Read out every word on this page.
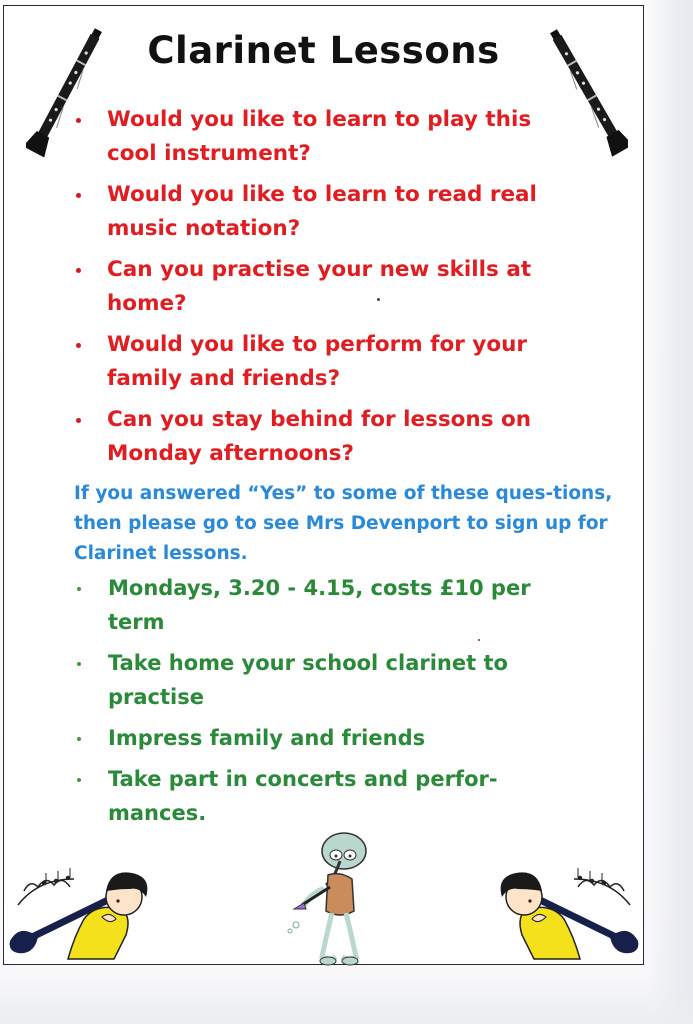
Clarinet Lessons
Would you like to learn to play this cool instrument?
Would you like to learn to read real music notation?
Can you practise your new skills at home?
Would you like to perform for your family and friends?
Can you stay behind for lessons on Monday afternoons?
If you answered “Yes” to some of these ques-tions, then please go to see Mrs Devenport to sign up for Clarinet lessons.
Mondays, 3.20 - 4.15, costs £10 per term
Take home your school clarinet to practise
Impress family and friends
Take part in concerts and perfor-mances.
